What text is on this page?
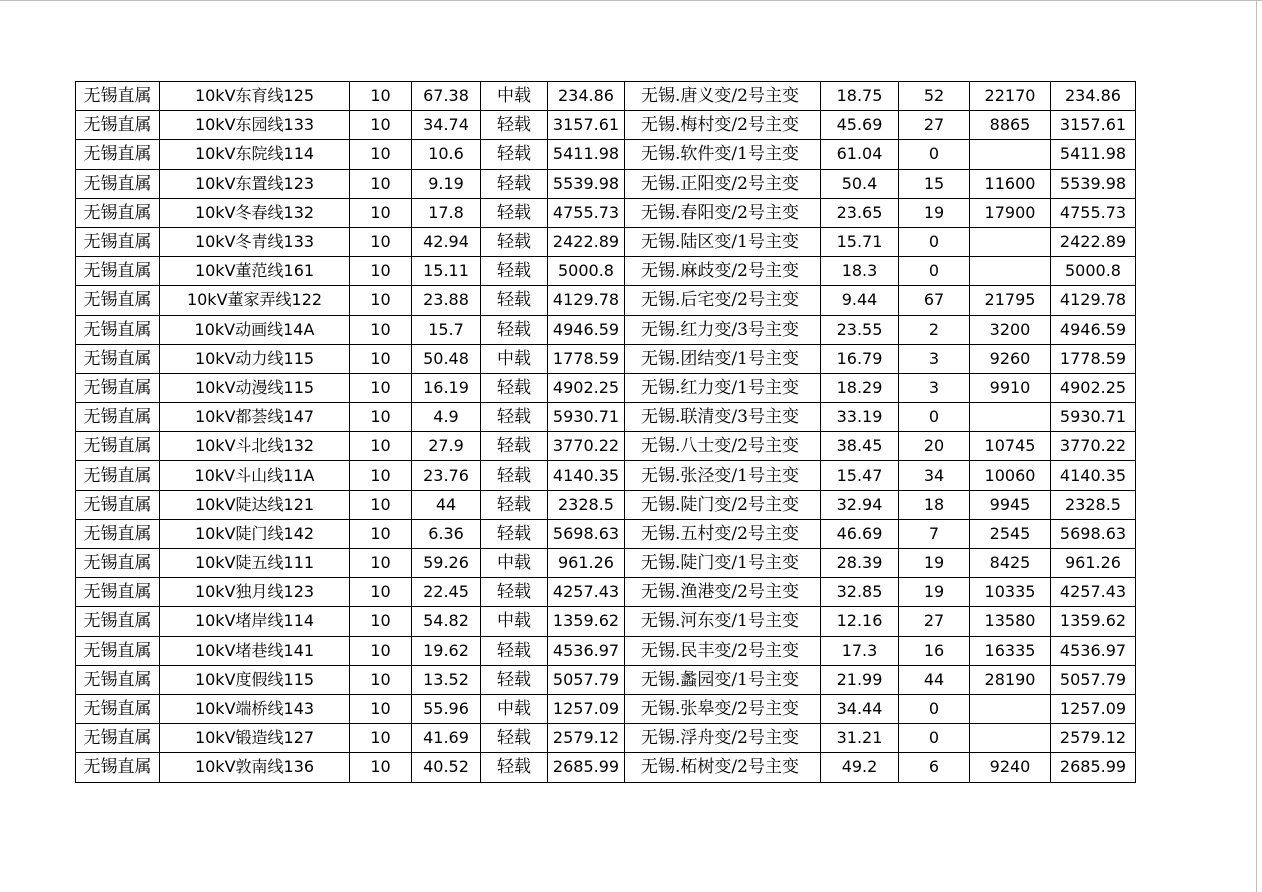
无锡直属	10kV东育线125	10	67.38	中载	234.86	无锡.唐义变/2号主变	18.75	52	22170	234.86
无锡直属	10kV东园线133	10	34.74	轻载	3157.61	无锡.梅村变/2号主变	45.69	27	8865	3157.61
无锡直属	10kV东院线114	10	10.6	轻载	5411.98	无锡.软件变/1号主变	61.04	0		5411.98
无锡直属	10kV东置线123	10	9.19	轻载	5539.98	无锡.正阳变/2号主变	50.4	15	11600	5539.98
无锡直属	10kV冬春线132	10	17.8	轻载	4755.73	无锡.春阳变/2号主变	23.65	19	17900	4755.73
无锡直属	10kV冬青线133	10	42.94	轻载	2422.89	无锡.陆区变/1号主变	15.71	0		2422.89
无锡直属	10kV董范线161	10	15.11	轻载	5000.8	无锡.麻歧变/2号主变	18.3	0		5000.8
无锡直属	10kV董家弄线122	10	23.88	轻载	4129.78	无锡.后宅变/2号主变	9.44	67	21795	4129.78
无锡直属	10kV动画线14A	10	15.7	轻载	4946.59	无锡.红力变/3号主变	23.55	2	3200	4946.59
无锡直属	10kV动力线115	10	50.48	中载	1778.59	无锡.团结变/1号主变	16.79	3	9260	1778.59
无锡直属	10kV动漫线115	10	16.19	轻载	4902.25	无锡.红力变/1号主变	18.29	3	9910	4902.25
无锡直属	10kV都荟线147	10	4.9	轻载	5930.71	无锡.联清变/3号主变	33.19	0		5930.71
无锡直属	10kV斗北线132	10	27.9	轻载	3770.22	无锡.八士变/2号主变	38.45	20	10745	3770.22
无锡直属	10kV斗山线11A	10	23.76	轻载	4140.35	无锡.张泾变/1号主变	15.47	34	10060	4140.35
无锡直属	10kV陡达线121	10	44	轻载	2328.5	无锡.陡门变/2号主变	32.94	18	9945	2328.5
无锡直属	10kV陡门线142	10	6.36	轻载	5698.63	无锡.五村变/2号主变	46.69	7	2545	5698.63
无锡直属	10kV陡五线111	10	59.26	中载	961.26	无锡.陡门变/1号主变	28.39	19	8425	961.26
无锡直属	10kV独月线123	10	22.45	轻载	4257.43	无锡.渔港变/2号主变	32.85	19	10335	4257.43
无锡直属	10kV堵岸线114	10	54.82	中载	1359.62	无锡.河东变/1号主变	12.16	27	13580	1359.62
无锡直属	10kV堵巷线141	10	19.62	轻载	4536.97	无锡.民丰变/2号主变	17.3	16	16335	4536.97
无锡直属	10kV度假线115	10	13.52	轻载	5057.79	无锡.蠡园变/1号主变	21.99	44	28190	5057.79
无锡直属	10kV端桥线143	10	55.96	中载	1257.09	无锡.张皋变/2号主变	34.44	0		1257.09
无锡直属	10kV锻造线127	10	41.69	轻载	2579.12	无锡.浮舟变/2号主变	31.21	0		2579.12
无锡直属	10kV敦南线136	10	40.52	轻载	2685.99	无锡.柘树变/2号主变	49.2	6	9240	2685.99
